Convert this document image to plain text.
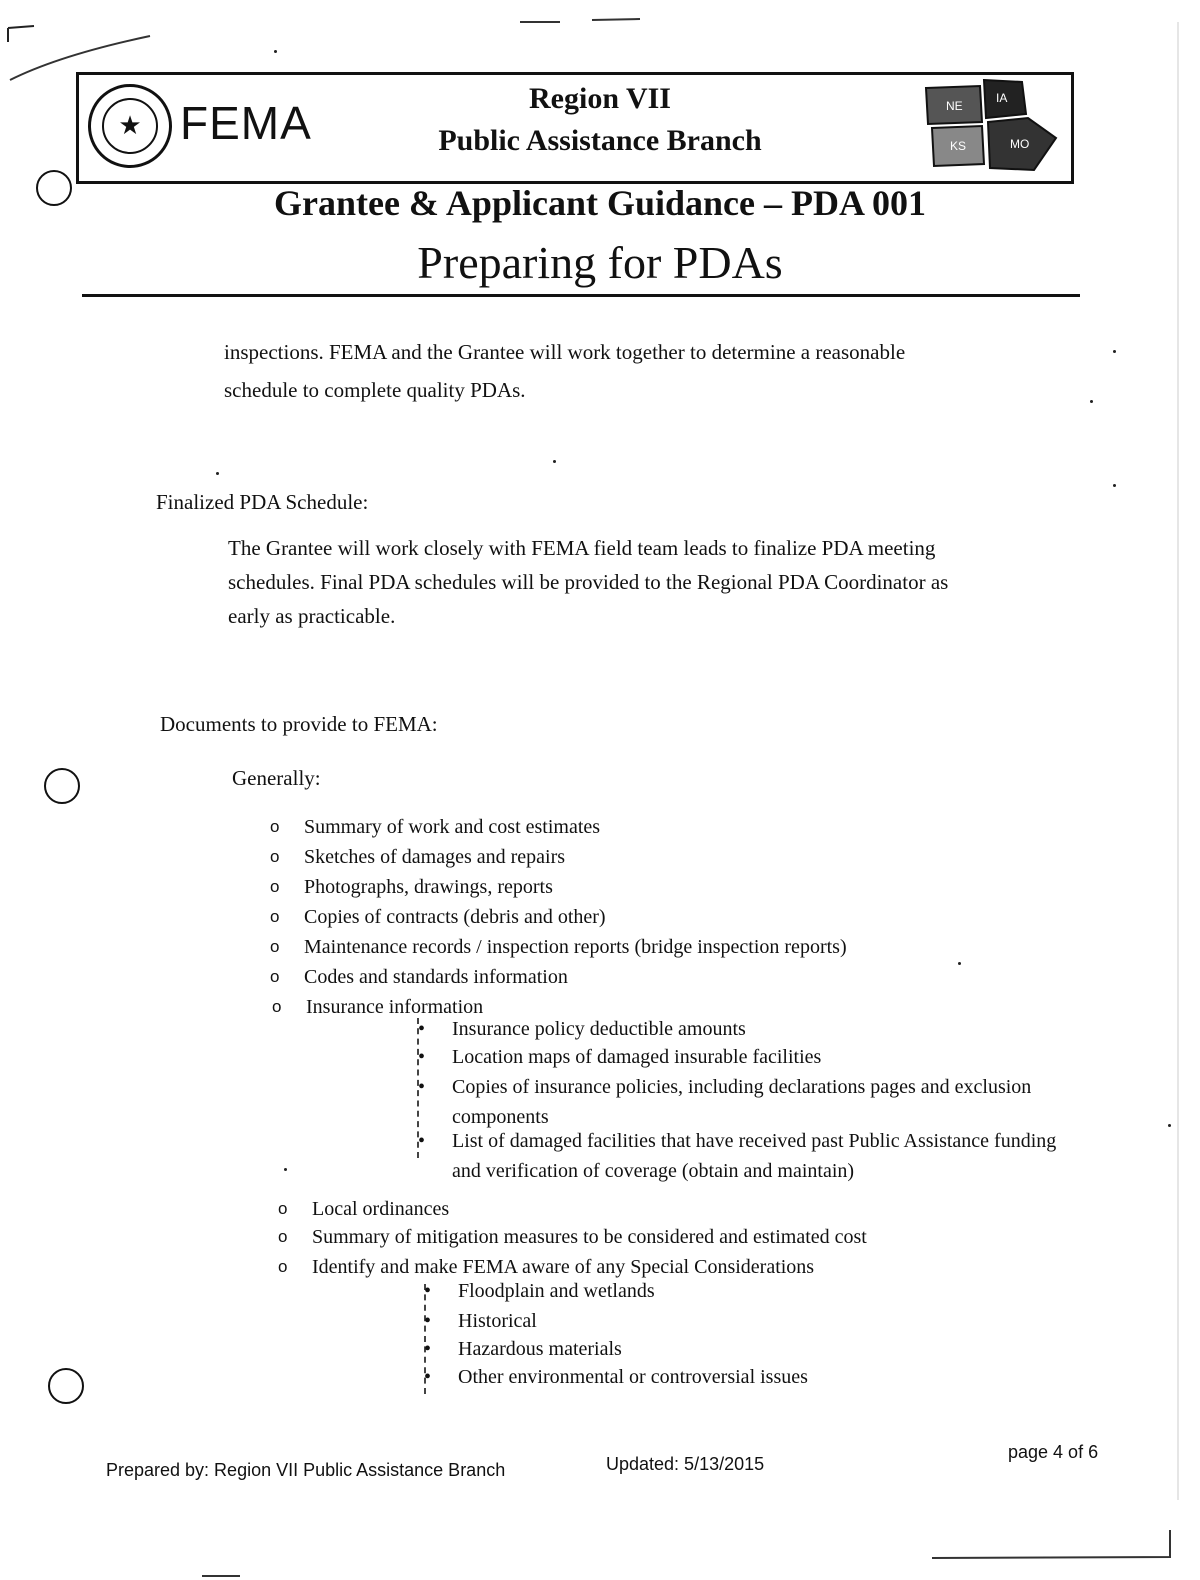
★ FEMA	Region VII
Public Assistance Branch
NE
IA
KS	MO
Grantee & Applicant Guidance – PDA 001
Preparing for PDAs
inspections. FEMA and the Grantee will work together to determine a reasonable
schedule to complete quality PDAs.
Finalized PDA Schedule:
The Grantee will work closely with FEMA field team leads to finalize PDA meeting
schedules. Final PDA schedules will be provided to the Regional PDA Coordinator as
early as practicable.
Documents to provide to FEMA:
Generally:
o Summary of work and cost estimates
o Sketches of damages and repairs
o Photographs, drawings, reports
o Copies of contracts (debris and other)
o Maintenance records / inspection reports (bridge inspection reports)
o Codes and standards information
o Insurance information
• Insurance policy deductible amounts
• Location maps of damaged insurable facilities
• Copies of insurance policies, including declarations pages and exclusion components
• List of damaged facilities that have received past Public Assistance funding and verification of coverage (obtain and maintain)
o Local ordinances
o Summary of mitigation measures to be considered and estimated cost
o Identify and make FEMA aware of any Special Considerations
• Floodplain and wetlands
• Historical
• Hazardous materials
• Other environmental or controversial issues
Prepared by: Region VII Public Assistance Branch	Updated: 5/13/2015
page 4 of 6
